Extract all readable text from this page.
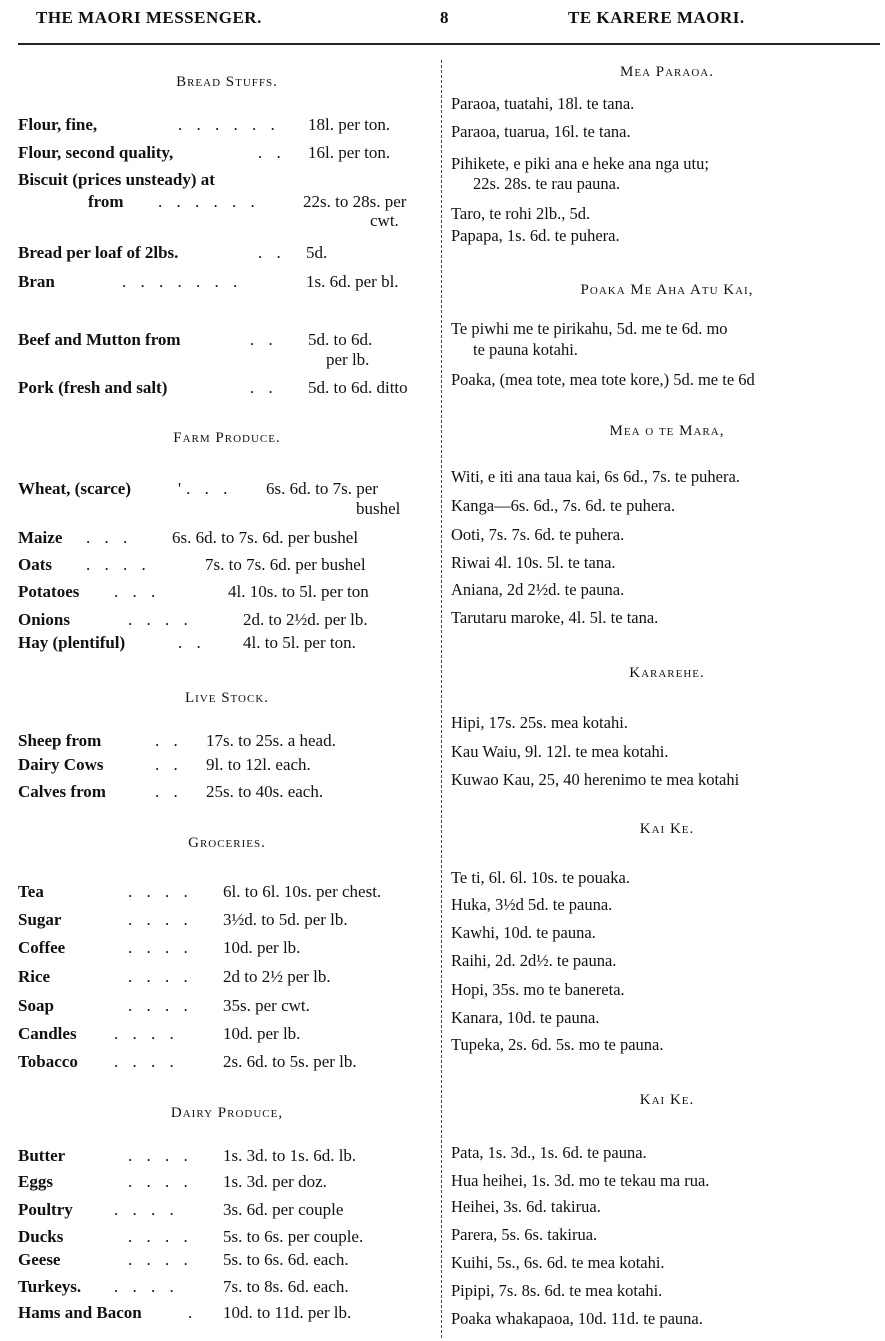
THE MAORI MESSENGER.	8	TE KARERE MAORI.
Bread Stuffs.
Flour, fine,	. . . . . . 18l. per ton.
Flour, second quality,	. . 16l. per ton.
Biscuit (prices unsteady) at
from . . . . . .	22s. to 28s. per
cwt.
Bread per loaf of 2lbs.	. . 5d.
Bran	. . . . . . .	1s. 6d. per bl.
Beef and Mutton from	. . 5d. to 6d.
per lb.
Pork (fresh and salt)	. . 5d. to 6d. ditto
Farm Produce.
Wheat, (scarce)	'. . . 6s. 6d. to 7s. per
bushel
Maize . . . 6s. 6d. to 7s. 6d. per bushel
Oats . . . .	7s. to 7s. 6d. per bushel
Potatoes . . .	4l. 10s. to 5l. per ton
Onions	. . . .	2d. to 2½d. per lb.
Hay (plentiful)	. . 4l. to 5l. per ton.
Live Stock.
Sheep from	. . 17s. to 25s. a head.
Dairy Cows	. . 9l. to 12l. each.
Calves from	. . 25s. to 40s. each.
Groceries.
Tea	. . . . 6l. to 6l. 10s. per chest.
Sugar	. . . . 3½d. to 5d. per lb.
Coffee	. . . . 10d. per lb.
Rice	. . . . 2d to 2½ per lb.
Soap	. . . . 35s. per cwt.
Candles . . . .	10d. per lb.
Tobacco . . . .	2s. 6d. to 5s. per lb.
Dairy Produce,
Butter	. . . . 1s. 3d. to 1s. 6d. lb.
Eggs	. . . . 1s. 3d. per doz.
Poultry . . . .	3s. 6d. per couple
Ducks	. . . . 5s. to 6s. per couple.
Geese	. . . . 5s. to 6s. 6d. each.
Turkeys. . . . .	7s. to 8s. 6d. each.
Hams and Bacon	. 10d. to 11d. per lb.
Mea Paraoa.
Paraoa, tuatahi, 18l. te tana.
Paraoa, tuarua, 16l. te tana.
Pihikete, e piki ana e heke ana nga utu;
22s. 28s. te rau pauna.
Taro, te rohi 2lb., 5d.
Papapa, 1s. 6d. te puhera.
Poaka Me Aha Atu Kai,
Te piwhi me te pirikahu, 5d. me te 6d. mo
te pauna kotahi.
Poaka, (mea tote, mea tote kore,) 5d. me te 6d
Mea o te Mara,
Witi, e iti ana taua kai, 6s 6d., 7s. te puhera.
Kanga—6s. 6d., 7s. 6d. te puhera.
Ooti, 7s. 7s. 6d. te puhera.
Riwai 4l. 10s. 5l. te tana.
Aniana, 2d 2½d. te pauna.
Tarutaru maroke, 4l. 5l. te tana.
Kararehe.
Hipi, 17s. 25s. mea kotahi.
Kau Waiu, 9l. 12l. te mea kotahi.
Kuwao Kau, 25, 40 herenimo te mea kotahi
Kai Ke.
Te ti, 6l. 6l. 10s. te pouaka.
Huka, 3½d 5d. te pauna.
Kawhi, 10d. te pauna.
Raihi, 2d. 2d½. te pauna.
Hopi, 35s. mo te banereta.
Kanara, 10d. te pauna.
Tupeka, 2s. 6d. 5s. mo te pauna.
Kai Ke.
Pata, 1s. 3d., 1s. 6d. te pauna.
Hua heihei, 1s. 3d. mo te tekau ma rua.
Heihei, 3s. 6d. takirua.
Parera, 5s. 6s. takirua.
Kuihi, 5s., 6s. 6d. te mea kotahi.
Pipipi, 7s. 8s. 6d. te mea kotahi.
Poaka whakapaoa, 10d. 11d. te pauna.
